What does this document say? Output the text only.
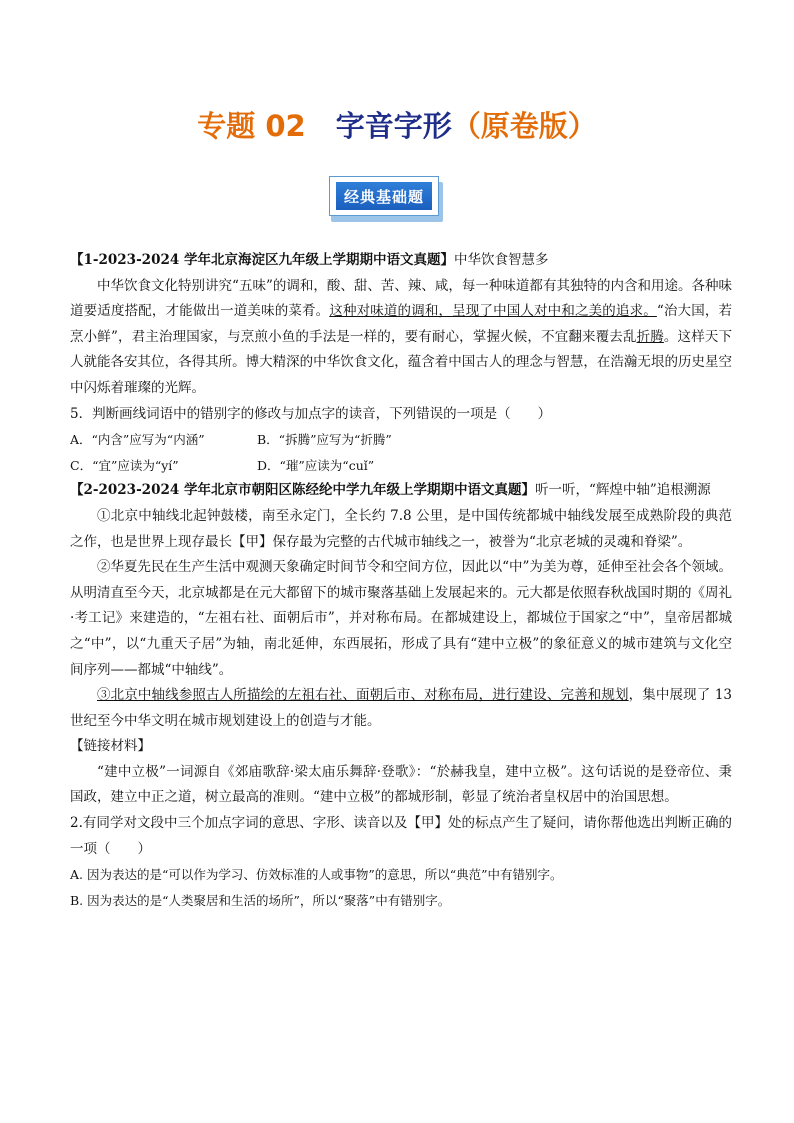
专题 02 字音字形（原卷版）
经典基础题

【1-2023-2024 学年北京海淀区九年级上学期期中语文真题】中华饮食智慧多

中华饮食文化特别讲究“五味”的调和，酸、甜、苦、辣、咸，每一种味道都有其独特的内含和用途。各种味道要适度搭配，才能做出一道美味的菜肴。这种对味道的调和，呈现了中国人对中和之美的追求。“治大国，若烹小鲜”，君主治理国家，与烹煎小鱼的手法是一样的，要有耐心，掌握火候，不宜翻来覆去乱折腾。这样天下人就能各安其位，各得其所。博大精深的中华饮食文化，蕴含着中国古人的理念与智慧，在浩瀚无垠的历史星空中闪烁着璀璨的光辉。

5．判断画线词语中的错别字的修改与加点字的读音，下列错误的一项是（　　）

A．“内含”应写为“内涵”	B．“拆腾”应写为“折腾”
C．“宜”应读为“yí”	D．“璀”应读为“cuǐ”

【2-2023-2024 学年北京市朝阳区陈经纶中学九年级上学期期中语文真题】听一听，“辉煌中轴”追根溯源

①北京中轴线北起钟鼓楼，南至永定门，全长约 7.8 公里，是中国传统都城中轴线发展至成熟阶段的典范之作，也是世界上现存最长【甲】保存最为完整的古代城市轴线之一，被誉为“北京老城的灵魂和脊梁”。

②华夏先民在生产生活中观测天象确定时间节令和空间方位，因此以“中”为美为尊，延伸至社会各个领域。从明清直至今天，北京城都是在元大都留下的城市聚落基础上发展起来的。元大都是依照春秋战国时期的《周礼·考工记》来建造的，“左祖右社、面朝后市”，并对称布局。在都城建设上，都城位于国家之“中”，皇帝居都城之“中”，以“九重天子居”为轴，南北延伸，东西展拓，形成了具有“建中立极”的象征意义的城市建筑与文化空间序列——都城“中轴线”。

③北京中轴线参照古人所描绘的左祖右社、面朝后市、对称布局，进行建设、完善和规划，集中展现了 13 世纪至今中华文明在城市规划建设上的创造与才能。

【链接材料】

“建中立极”一词源自《郊庙歌辞·梁太庙乐舞辞·登歌》：“於赫我皇，建中立极”。这句话说的是登帝位、秉国政，建立中正之道，树立最高的准则。“建中立极”的都城形制，彰显了统治者皇权居中的治国思想。

2.有同学对文段中三个加点字词的意思、字形、读音以及【甲】处的标点产生了疑问，请你帮他选出判断正确的一项（　　）

A. 因为表达的是“可以作为学习、仿效标准的人或事物”的意思，所以“典范”中有错别字。

B. 因为表达的是“人类聚居和生活的场所”，所以“聚落”中有错别字。
